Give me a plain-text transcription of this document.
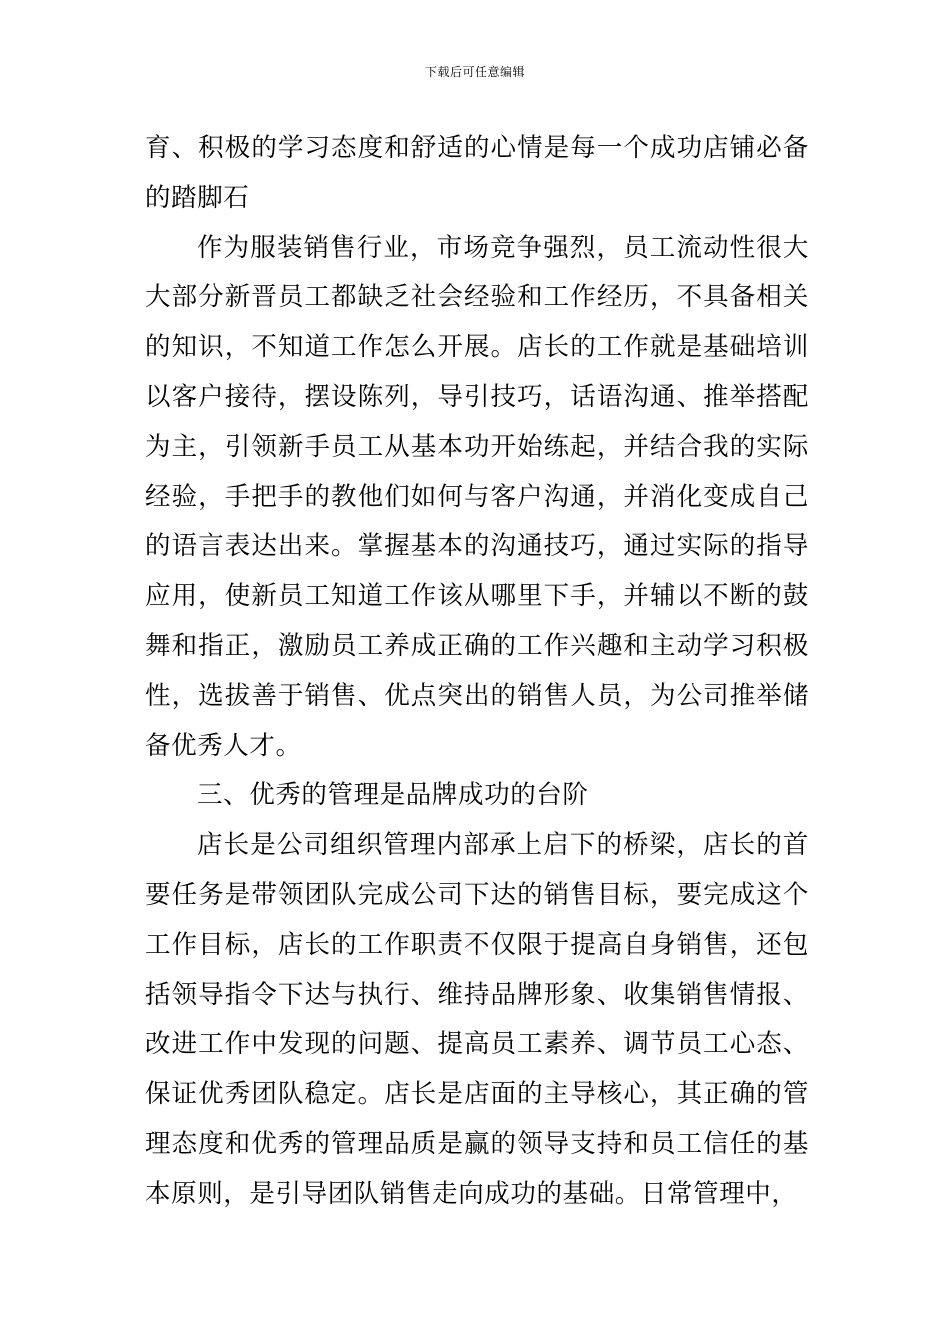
下载后可任意编辑

育、积极的学习态度和舒适的心情是每一个成功店铺必备的踏脚石

作为服装销售行业，市场竞争强烈，员工流动性很大大部分新晋员工都缺乏社会经验和工作经历，不具备相关的知识，不知道工作怎么开展。店长的工作就是基础培训以客户接待，摆设陈列，导引技巧，话语沟通、推举搭配为主，引领新手员工从基本功开始练起，并结合我的实际经验，手把手的教他们如何与客户沟通，并消化变成自己的语言表达出来。掌握基本的沟通技巧，通过实际的指导应用，使新员工知道工作该从哪里下手，并辅以不断的鼓舞和指正，激励员工养成正确的工作兴趣和主动学习积极性，选拔善于销售、优点突出的销售人员，为公司推举储备优秀人才。

三、优秀的管理是品牌成功的台阶

店长是公司组织管理内部承上启下的桥梁，店长的首要任务是带领团队完成公司下达的销售目标，要完成这个工作目标，店长的工作职责不仅限于提高自身销售，还包括领导指令下达与执行、维持品牌形象、收集销售情报、改进工作中发现的问题、提高员工素养、调节员工心态、保证优秀团队稳定。店长是店面的主导核心，其正确的管理态度和优秀的管理品质是赢的领导支持和员工信任的基本原则，是引导团队销售走向成功的基础。日常管理中，
